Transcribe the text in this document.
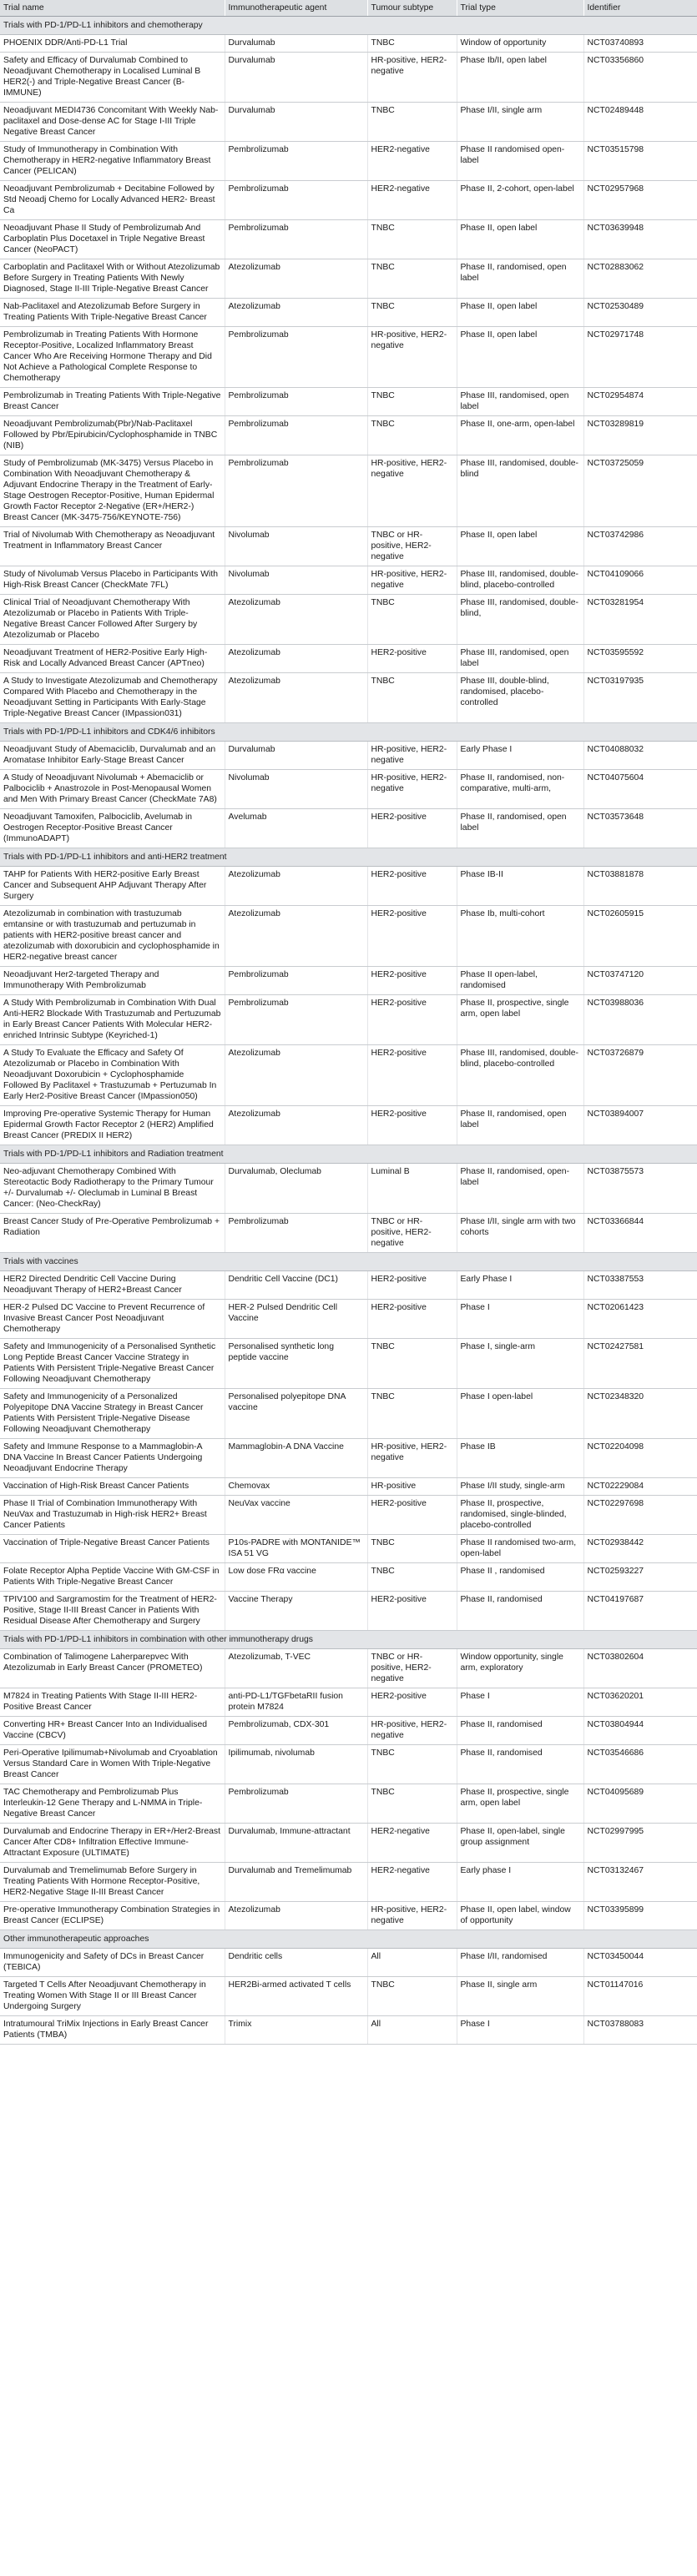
Trial name	Immunotherapeutic agent	Tumour subtype	Trial type	Identifier
Trials with PD-1/PD-L1 inhibitors and chemotherapy				
PHOENIX DDR/Anti-PD-L1 Trial	Durvalumab	TNBC	Window of opportunity	NCT03740893
Safety and Efficacy of Durvalumab Combined to Neoadjuvant Chemotherapy in Localised Luminal B HER2(-) and Triple-Negative Breast Cancer (B-IMMUNE)	Durvalumab	HR-positive, HER2-negative	Phase Ib/II, open label	NCT03356860
Neoadjuvant MEDI4736 Concomitant With Weekly Nab-paclitaxel and Dose-dense AC for Stage I-III Triple Negative Breast Cancer	Durvalumab	TNBC	Phase I/II, single arm	NCT02489448
Study of Immunotherapy in Combination With Chemotherapy in HER2-negative Inflammatory Breast Cancer (PELICAN)	Pembrolizumab	HER2-negative	Phase II randomised open-label	NCT03515798
Neoadjuvant Pembrolizumab + Decitabine Followed by Std Neoadj Chemo for Locally Advanced HER2- Breast Ca	Pembrolizumab	HER2-negative	Phase II, 2-cohort, open-label	NCT02957968
Neoadjuvant Phase II Study of Pembrolizumab And Carboplatin Plus Docetaxel in Triple Negative Breast Cancer (NeoPACT)	Pembrolizumab	TNBC	Phase II, open label	NCT03639948
Carboplatin and Paclitaxel With or Without Atezolizumab Before Surgery in Treating Patients With Newly Diagnosed, Stage II-III Triple-Negative Breast Cancer	Atezolizumab	TNBC	Phase II, randomised, open label	NCT02883062
Nab-Paclitaxel and Atezolizumab Before Surgery in Treating Patients With Triple-Negative Breast Cancer	Atezolizumab	TNBC	Phase II, open label	NCT02530489
Pembrolizumab in Treating Patients With Hormone Receptor-Positive, Localized Inflammatory Breast Cancer Who Are Receiving Hormone Therapy and Did Not Achieve a Pathological Complete Response to Chemotherapy	Pembrolizumab	HR-positive, HER2-negative	Phase II, open label	NCT02971748
Pembrolizumab in Treating Patients With Triple-Negative Breast Cancer	Pembrolizumab	TNBC	Phase III, randomised, open label	NCT02954874
Neoadjuvant Pembrolizumab(Pbr)/Nab-Paclitaxel Followed by Pbr/Epirubicin/Cyclophosphamide in TNBC (NIB)	Pembrolizumab	TNBC	Phase II, one-arm, open-label	NCT03289819
Study of Pembrolizumab (MK-3475) Versus Placebo in Combination With Neoadjuvant Chemotherapy & Adjuvant Endocrine Therapy in the Treatment of Early-Stage Oestrogen Receptor-Positive, Human Epidermal Growth Factor Receptor 2-Negative (ER+/HER2-) Breast Cancer (MK-3475-756/KEYNOTE-756)	Pembrolizumab	HR-positive, HER2-negative	Phase III, randomised, double-blind	NCT03725059
Trial of Nivolumab With Chemotherapy as Neoadjuvant Treatment in Inflammatory Breast Cancer	Nivolumab	TNBC or HR-positive, HER2-negative	Phase II, open label	NCT03742986
Study of Nivolumab Versus Placebo in Participants With High-Risk Breast Cancer (CheckMate 7FL)	Nivolumab	HR-positive, HER2-negative	Phase III, randomised, double-blind, placebo-controlled	NCT04109066
Clinical Trial of Neoadjuvant Chemotherapy With Atezolizumab or Placebo in Patients With Triple-Negative Breast Cancer Followed After Surgery by Atezolizumab or Placebo	Atezolizumab	TNBC	Phase III, randomised, double-blind,	NCT03281954
Neoadjuvant Treatment of HER2-Positive Early High-Risk and Locally Advanced Breast Cancer (APTneo)	Atezolizumab	HER2-positive	Phase III, randomised, open label	NCT03595592
A Study to Investigate Atezolizumab and Chemotherapy Compared With Placebo and Chemotherapy in the Neoadjuvant Setting in Participants With Early-Stage Triple-Negative Breast Cancer (IMpassion031)	Atezolizumab	TNBC	Phase III, double-blind, randomised, placebo-controlled	NCT03197935
Trials with PD-1/PD-L1 inhibitors and CDK4/6 inhibitors				
Neoadjuvant Study of Abemaciclib, Durvalumab and an Aromatase Inhibitor Early-Stage Breast Cancer	Durvalumab	HR-positive, HER2-negative	Early Phase I	NCT04088032
A Study of Neoadjuvant Nivolumab + Abemaciclib or Palbociclib + Anastrozole in Post-Menopausal Women and Men With Primary Breast Cancer (CheckMate 7A8)	Nivolumab	HR-positive, HER2-negative	Phase II, randomised, non-comparative, multi-arm,	NCT04075604
Neoadjuvant Tamoxifen, Palbociclib, Avelumab in Oestrogen Receptor-Positive Breast Cancer (ImmunoADAPT)	Avelumab	HER2-positive	Phase II, randomised, open label	NCT03573648
Trials with PD-1/PD-L1 inhibitors and anti-HER2 treatment				
TAHP for Patients With HER2-positive Early Breast Cancer and Subsequent AHP Adjuvant Therapy After Surgery	Atezolizumab	HER2-positive	Phase IB-II	NCT03881878
Atezolizumab in combination with trastuzumab emtansine or with trastuzumab and pertuzumab in patients with HER2-positive breast cancer and atezolizumab with doxorubicin and cyclophosphamide in HER2-negative breast cancer	Atezolizumab	HER2-positive	Phase Ib, multi-cohort	NCT02605915
Neoadjuvant Her2-targeted Therapy and Immunotherapy With Pembrolizumab	Pembrolizumab	HER2-positive	Phase II open-label, randomised	NCT03747120
A Study With Pembrolizumab in Combination With Dual Anti-HER2 Blockade With Trastuzumab and Pertuzumab in Early Breast Cancer Patients With Molecular HER2-enriched Intrinsic Subtype (Keyriched-1)	Pembrolizumab	HER2-positive	Phase II, prospective, single arm, open label	NCT03988036
A Study To Evaluate the Efficacy and Safety Of Atezolizumab or Placebo in Combination With Neoadjuvant Doxorubicin + Cyclophosphamide Followed By Paclitaxel + Trastuzumab + Pertuzumab In Early Her2-Positive Breast Cancer (IMpassion050)	Atezolizumab	HER2-positive	Phase III, randomised, double-blind, placebo-controlled	NCT03726879
Improving Pre-operative Systemic Therapy for Human Epidermal Growth Factor Receptor 2 (HER2) Amplified Breast Cancer (PREDIX II HER2)	Atezolizumab	HER2-positive	Phase II, randomised, open label	NCT03894007
Trials with PD-1/PD-L1 inhibitors and Radiation treatment				
Neo-adjuvant Chemotherapy Combined With Stereotactic Body Radiotherapy to the Primary Tumour +/- Durvalumab +/- Oleclumab in Luminal B Breast Cancer: (Neo-CheckRay)	Durvalumab, Oleclumab	Luminal B	Phase II, randomised, open-label	NCT03875573
Breast Cancer Study of Pre-Operative Pembrolizumab + Radiation	Pembrolizumab	TNBC or HR-positive, HER2-negative	Phase I/II, single arm with two cohorts	NCT03366844
Trials with vaccines				
HER2 Directed Dendritic Cell Vaccine During Neoadjuvant Therapy of HER2+Breast Cancer	Dendritic Cell Vaccine (DC1)	HER2-positive	Early Phase I	NCT03387553
HER-2 Pulsed DC Vaccine to Prevent Recurrence of Invasive Breast Cancer Post Neoadjuvant Chemotherapy	HER-2 Pulsed Dendritic Cell Vaccine	HER2-positive	Phase I	NCT02061423
Safety and Immunogenicity of a Personalised Synthetic Long Peptide Breast Cancer Vaccine Strategy in Patients With Persistent Triple-Negative Breast Cancer Following Neoadjuvant Chemotherapy	Personalised synthetic long peptide vaccine	TNBC	Phase I, single-arm	NCT02427581
Safety and Immunogenicity of a Personalized Polyepitope DNA Vaccine Strategy in Breast Cancer Patients With Persistent Triple-Negative Disease Following Neoadjuvant Chemotherapy	Personalised polyepitope DNA vaccine	TNBC	Phase I open-label	NCT02348320
Safety and Immune Response to a Mammaglobin-A DNA Vaccine In Breast Cancer Patients Undergoing Neoadjuvant Endocrine Therapy	Mammaglobin-A DNA Vaccine	HR-positive, HER2-negative	Phase IB	NCT02204098
Vaccination of High-Risk Breast Cancer Patients	Chemovax	HR-positive	Phase I/II study, single-arm	NCT02229084
Phase II Trial of Combination Immunotherapy With NeuVax and Trastuzumab in High-risk HER2+ Breast Cancer Patients	NeuVax vaccine	HER2-positive	Phase II, prospective, randomised, single-blinded, placebo-controlled	NCT02297698
Vaccination of Triple-Negative Breast Cancer Patients	P10s-PADRE with MONTANIDE™ ISA 51 VG	TNBC	Phase II randomised two-arm, open-label	NCT02938442
Folate Receptor Alpha Peptide Vaccine With GM-CSF in Patients With Triple-Negative Breast Cancer	Low dose FRα vaccine	TNBC	Phase II , randomised	NCT02593227
TPIV100 and Sargramostim for the Treatment of HER2-Positive, Stage II-III Breast Cancer in Patients With Residual Disease After Chemotherapy and Surgery	Vaccine Therapy	HER2-positive	Phase II, randomised	NCT04197687
Trials with PD-1/PD-L1 inhibitors in combination with other immunotherapy drugs				
Combination of Talimogene Laherparepvec With Atezolizumab in Early Breast Cancer (PROMETEO)	Atezolizumab, T-VEC	TNBC or HR-positive, HER2-negative	Window opportunity, single arm, exploratory	NCT03802604
M7824 in Treating Patients With Stage II-III HER2-Positive Breast Cancer	anti-PD-L1/TGFbetaRII fusion protein M7824	HER2-positive	Phase I	NCT03620201
Converting HR+ Breast Cancer Into an Individualised Vaccine (CBCV)	Pembrolizumab, CDX-301	HR-positive, HER2-negative	Phase II, randomised	NCT03804944
Peri-Operative Ipilimumab+Nivolumab and Cryoablation Versus Standard Care in Women With Triple-Negative Breast Cancer	Ipilimumab, nivolumab	TNBC	Phase II, randomised	NCT03546686
TAC Chemotherapy and Pembrolizumab Plus Interleukin-12 Gene Therapy and L-NMMA in Triple-Negative Breast Cancer	Pembrolizumab	TNBC	Phase II, prospective, single arm, open label	NCT04095689
Durvalumab and Endocrine Therapy in ER+/Her2-Breast Cancer After CD8+ Infiltration Effective Immune-Attractant Exposure (ULTIMATE)	Durvalumab, Immune-attractant	HER2-negative	Phase II, open-label, single group assignment	NCT02997995
Durvalumab and Tremelimumab Before Surgery in Treating Patients With Hormone Receptor-Positive, HER2-Negative Stage II-III Breast Cancer	Durvalumab and Tremelimumab	HER2-negative	Early phase I	NCT03132467
Pre-operative Immunotherapy Combination Strategies in Breast Cancer (ECLIPSE)	Atezolizumab	HR-positive, HER2-negative	Phase II, open label, window of opportunity	NCT03395899
Other immunotherapeutic approaches				
Immunogenicity and Safety of DCs in Breast Cancer (TEBICA)	Dendritic cells	All	Phase I/II, randomised	NCT03450044
Targeted T Cells After Neoadjuvant Chemotherapy in Treating Women With Stage II or III Breast Cancer Undergoing Surgery	HER2Bi-armed activated T cells	TNBC	Phase II, single arm	NCT01147016
Intratumoural TriMix Injections in Early Breast Cancer Patients (TMBA)	Trimix	All	Phase I	NCT03788083
